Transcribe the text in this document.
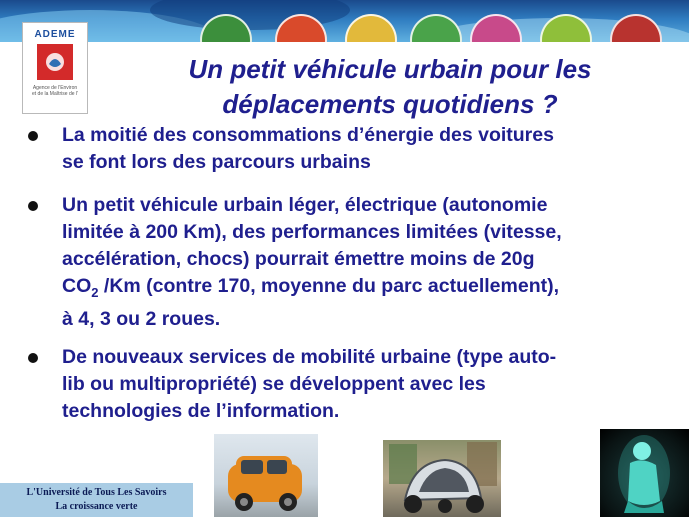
ADEME
Agence de l'Environ
et de la Maîtrise de l'
Un petit véhicule urbain pour les
déplacements quotidiens ?
La moitié des consommations d’énergie des voitures
se font lors des parcours urbains
Un petit véhicule urbain léger, électrique (autonomie
limitée à 200 Km), des performances limitées (vitesse,
accélération, chocs) pourrait émettre moins de 20g
$CO_2$ /Km (contre 170, moyenne du parc actuellement),
à 4, 3 ou 2 roues.
De nouveaux services de mobilité urbaine (type auto-
lib ou multipropriété) se développent avec les
technologies de l’information.
L'Université de Tous Les Savoirs
La croissance verte
